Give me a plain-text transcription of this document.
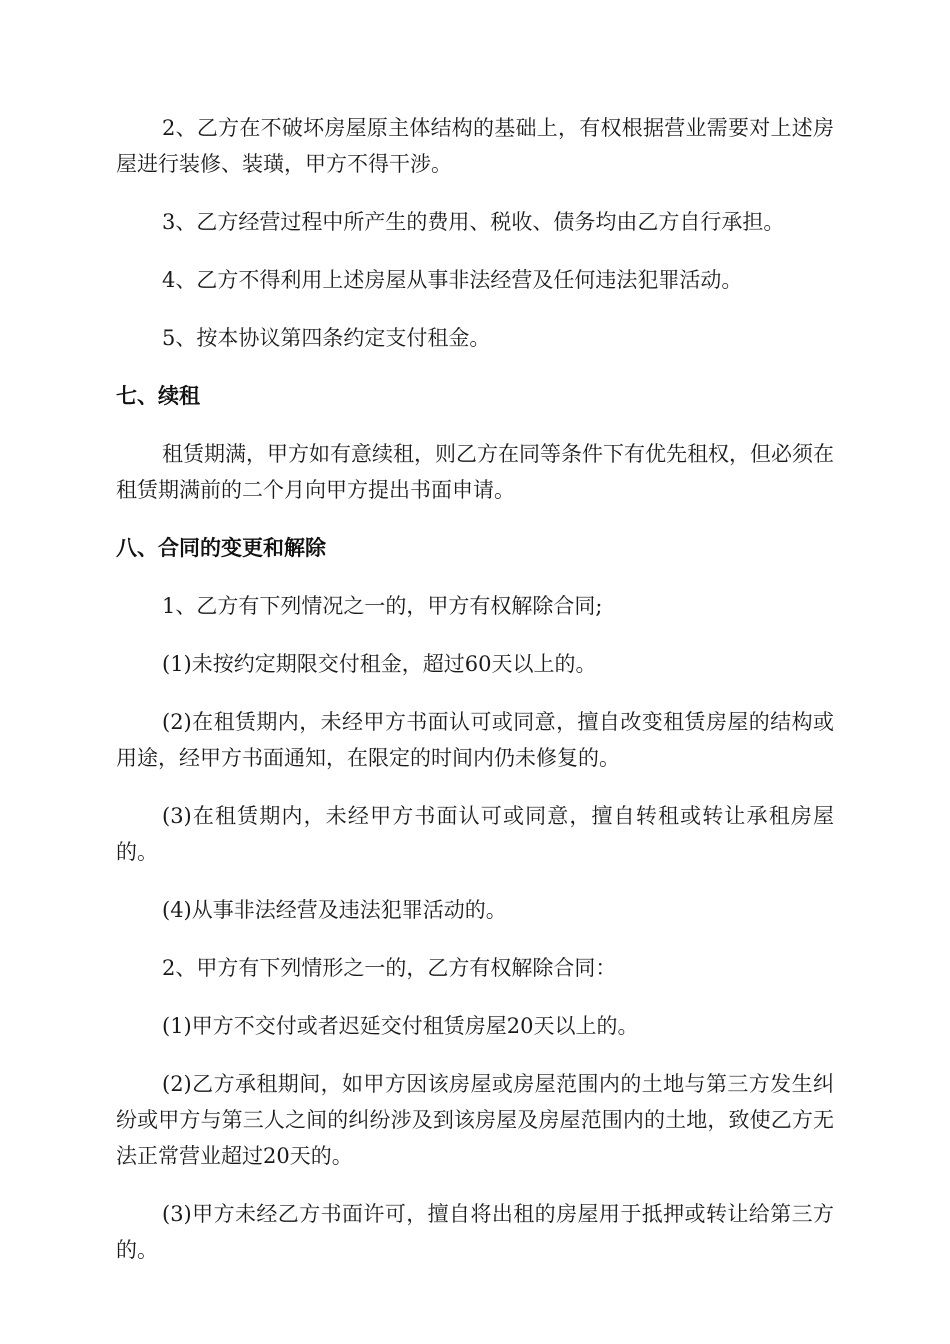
2、乙方在不破坏房屋原主体结构的基础上，有权根据营业需要对上述房屋进行装修、装璜，甲方不得干涉。

3、乙方经营过程中所产生的费用、税收、债务均由乙方自行承担。

4、乙方不得利用上述房屋从事非法经营及任何违法犯罪活动。

5、按本协议第四条约定支付租金。

七、续租

租赁期满，甲方如有意续租，则乙方在同等条件下有优先租权，但必须在租赁期满前的二个月向甲方提出书面申请。

八、合同的变更和解除

1、乙方有下列情况之一的，甲方有权解除合同;

(1)未按约定期限交付租金，超过60天以上的。

(2)在租赁期内，未经甲方书面认可或同意，擅自改变租赁房屋的结构或用途，经甲方书面通知，在限定的时间内仍未修复的。

(3)在租赁期内，未经甲方书面认可或同意，擅自转租或转让承租房屋的。

(4)从事非法经营及违法犯罪活动的。

2、甲方有下列情形之一的，乙方有权解除合同：

(1)甲方不交付或者迟延交付租赁房屋20天以上的。

(2)乙方承租期间，如甲方因该房屋或房屋范围内的土地与第三方发生纠纷或甲方与第三人之间的纠纷涉及到该房屋及房屋范围内的土地，致使乙方无法正常营业超过20天的。

(3)甲方未经乙方书面许可，擅自将出租的房屋用于抵押或转让给第三方的。
